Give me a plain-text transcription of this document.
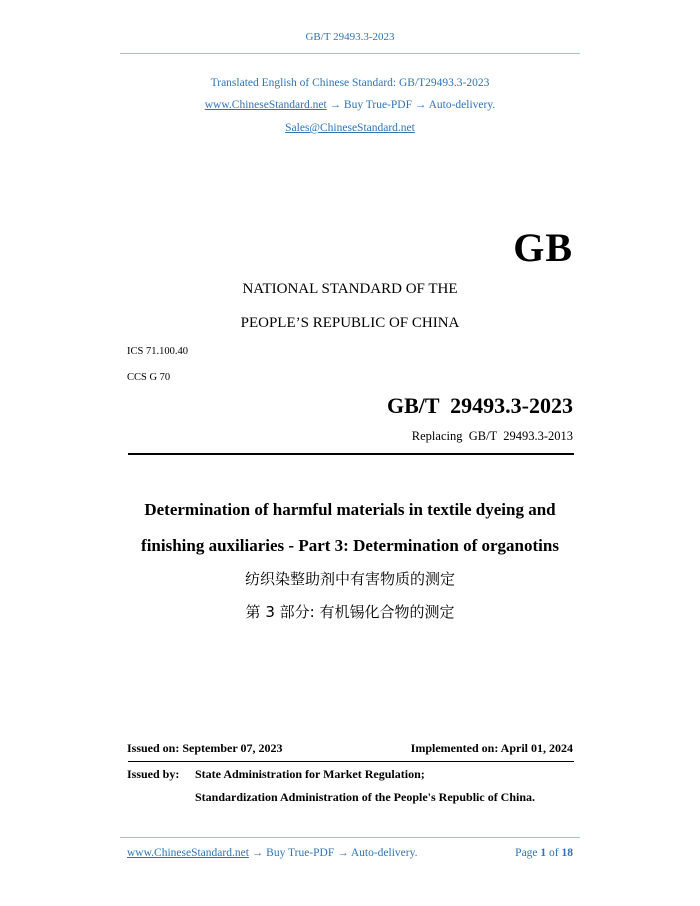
GB/T 29493.3-2023
Translated English of Chinese Standard: GB/T29493.3-2023
www.ChineseStandard.net → Buy True-PDF → Auto-delivery.
Sales@ChineseStandard.net
GB
NATIONAL STANDARD OF THE
PEOPLE’S REPUBLIC OF CHINA
ICS 71.100.40
CCS G 70
GB/T  29493.3-2023
Replacing  GB/T  29493.3-2013
Determination of harmful materials in textile dyeing and
finishing auxiliaries - Part 3: Determination of organotins
纺织染整助剂中有害物质的测定
第 3 部分: 有机锡化合物的测定
Issued on: September 07, 2023	Implemented on: April 01, 2024
Issued by: State Administration for Market Regulation;
Standardization Administration of the People's Republic of China.
www.ChineseStandard.net → Buy True-PDF → Auto-delivery.	Page 1 of 18
